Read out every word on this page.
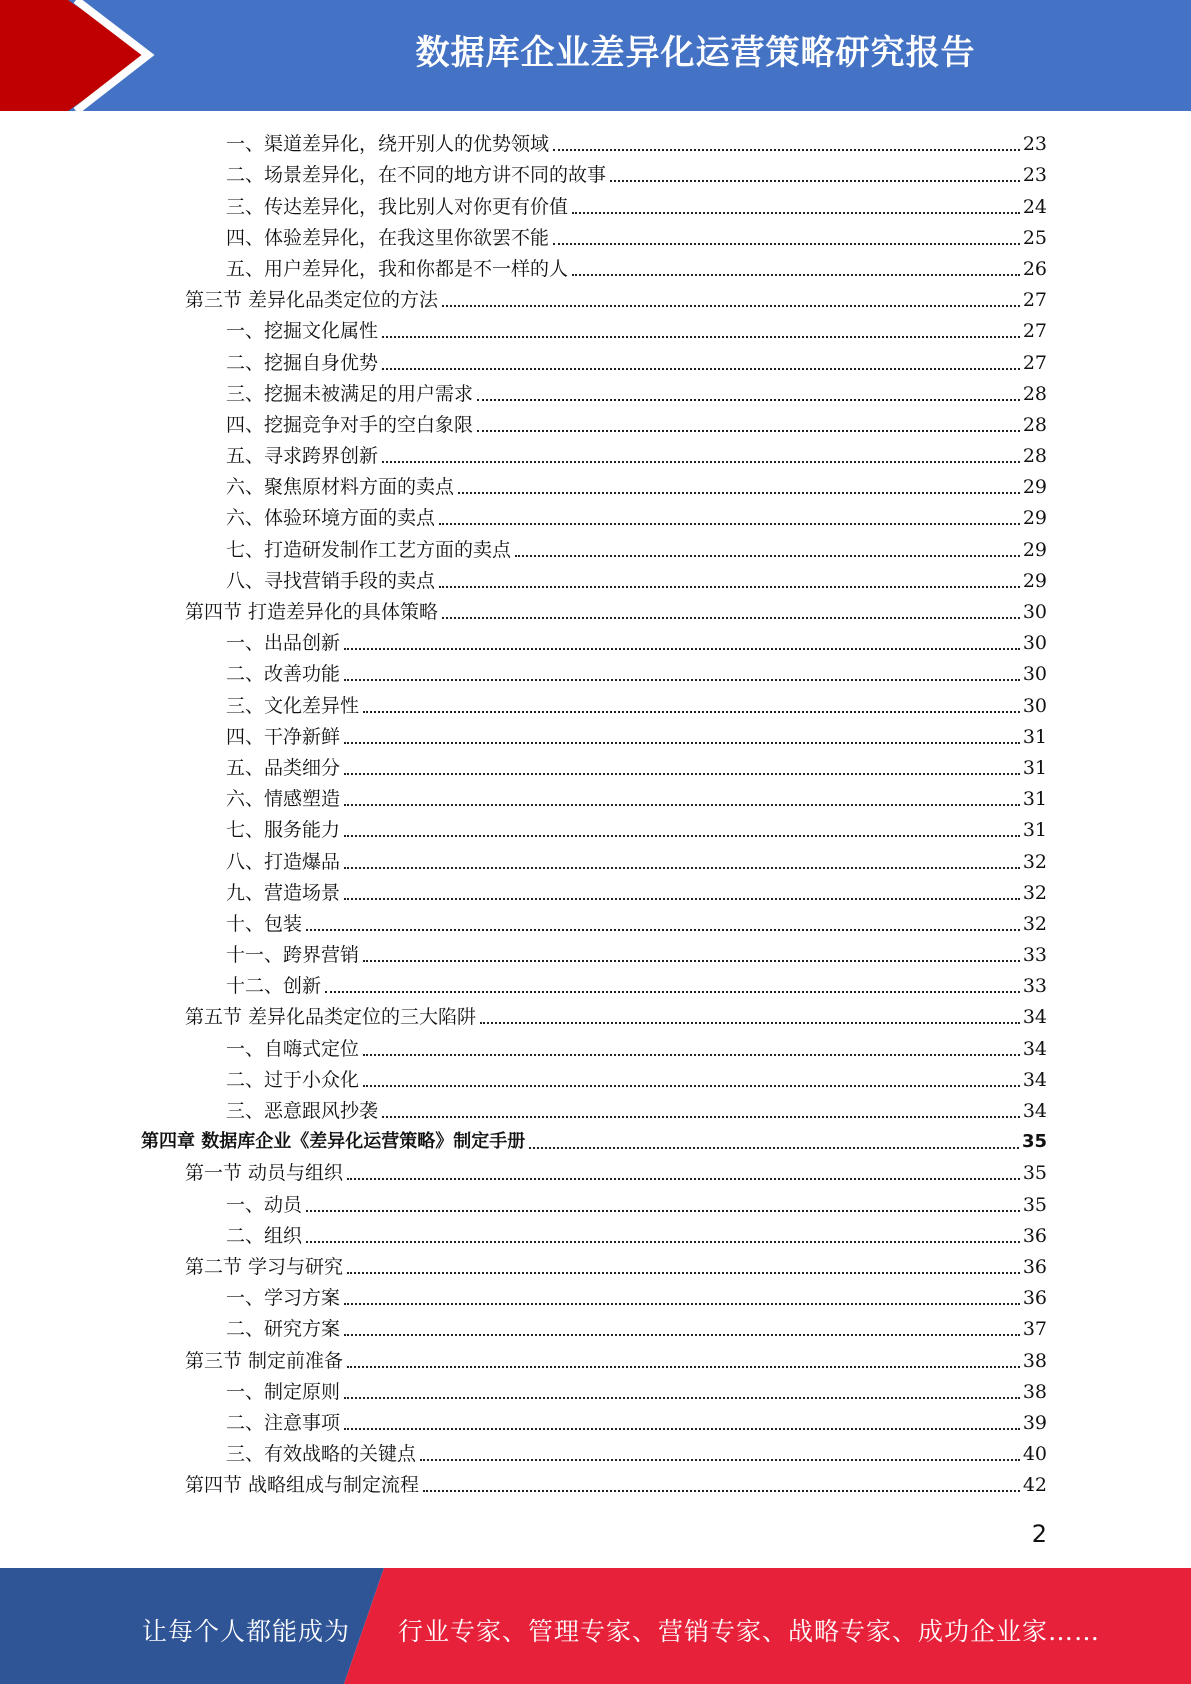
数据库企业差异化运营策略研究报告
一、渠道差异化，绕开别人的优势领域	23
二、场景差异化，在不同的地方讲不同的故事	23
三、传达差异化，我比别人对你更有价值	24
四、体验差异化，在我这里你欲罢不能	25
五、用户差异化，我和你都是不一样的人	26
第三节 差异化品类定位的方法	27
一、挖掘文化属性	27
二、挖掘自身优势	27
三、挖掘未被满足的用户需求	28
四、挖掘竞争对手的空白象限	28
五、寻求跨界创新	28
六、聚焦原材料方面的卖点	29
六、体验环境方面的卖点	29
七、打造研发制作工艺方面的卖点	29
八、寻找营销手段的卖点	29
第四节 打造差异化的具体策略	30
一、出品创新	30
二、改善功能	30
三、文化差异性	30
四、干净新鲜	31
五、品类细分	31
六、情感塑造	31
七、服务能力	31
八、打造爆品	32
九、营造场景	32
十、包装	32
十一、跨界营销	33
十二、创新	33
第五节 差异化品类定位的三大陷阱	34
一、自嗨式定位	34
二、过于小众化	34
三、恶意跟风抄袭	34
第四章 数据库企业《差异化运营策略》制定手册	35
第一节 动员与组织	35
一、动员	35
二、组织	36
第二节 学习与研究	36
一、学习方案	36
二、研究方案	37
第三节 制定前准备	38
一、制定原则	38
二、注意事项	39
三、有效战略的关键点	40
第四节 战略组成与制定流程	42
2
让每个人都能成为 行业专家、管理专家、营销专家、战略专家、成功企业家……
